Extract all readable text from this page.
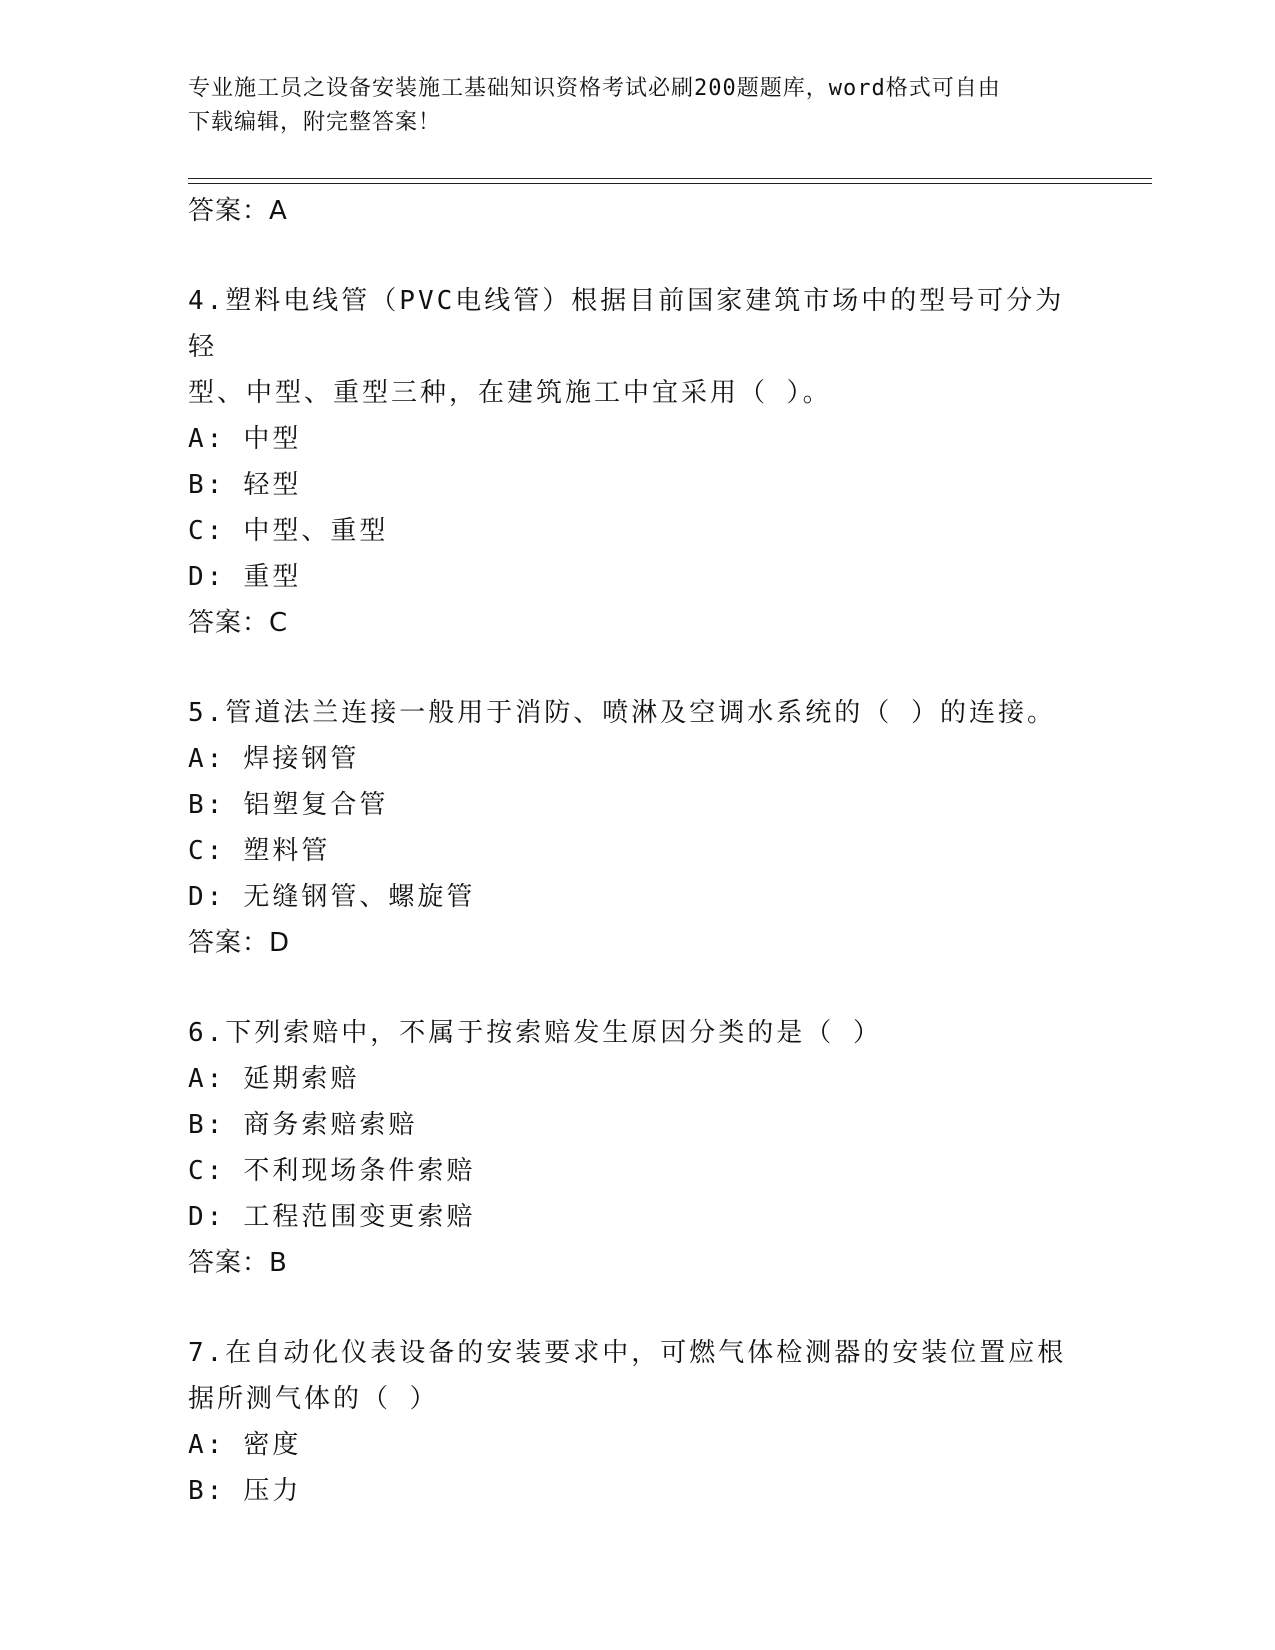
专业施工员之设备安装施工基础知识资格考试必刷200题题库，word格式可自由
下载编辑，附完整答案！
答案：A
4.塑料电线管（PVC电线管）根据目前国家建筑市场中的型号可分为轻
型、中型、重型三种，在建筑施工中宜采用（ ）。
A: 中型
B: 轻型
C: 中型、重型
D: 重型
答案：C
5.管道法兰连接一般用于消防、喷淋及空调水系统的（ ）的连接。
A: 焊接钢管
B: 铝塑复合管
C: 塑料管
D: 无缝钢管、螺旋管
答案：D
6.下列索赔中，不属于按索赔发生原因分类的是（ ）
A: 延期索赔
B: 商务索赔索赔
C: 不利现场条件索赔
D: 工程范围变更索赔
答案：B
7.在自动化仪表设备的安装要求中，可燃气体检测器的安装位置应根
据所测气体的（ ）
A: 密度
B: 压力
